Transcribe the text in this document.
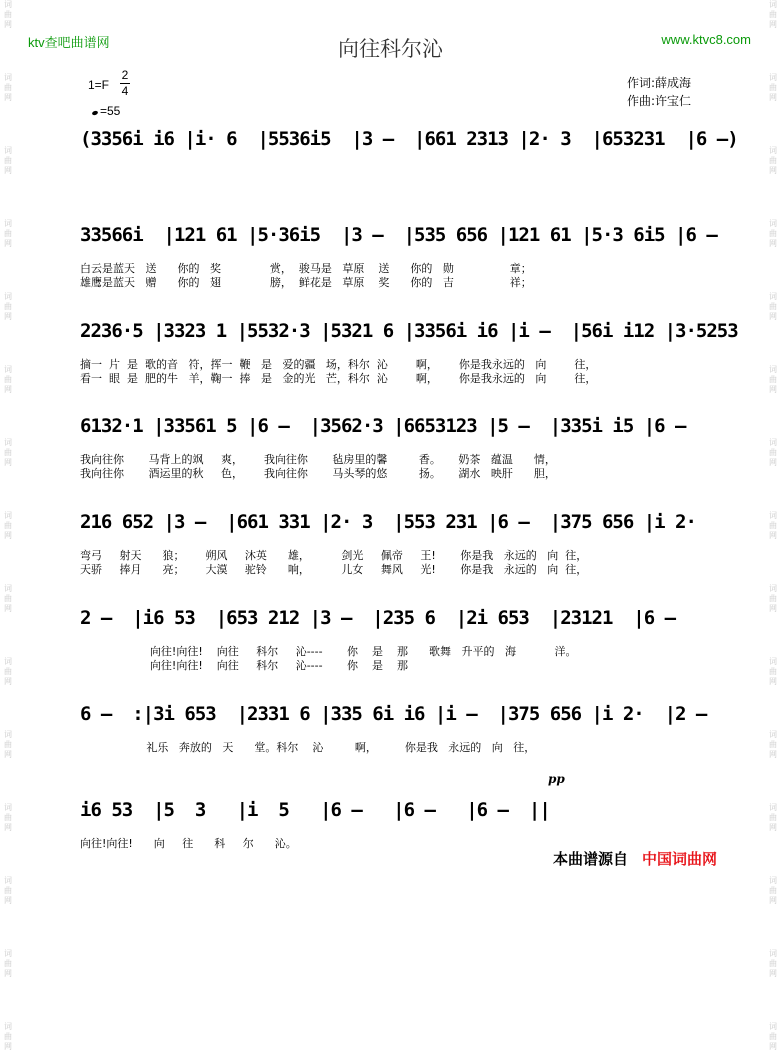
词曲网
词曲网
词曲网
词曲网
词曲网
词曲网
词曲网
词曲网
词曲网
词曲网
词曲网
词曲网
词曲网
词曲网
词曲网
词曲网
词曲网
词曲网
词曲网
词曲网
词曲网
词曲网
词曲网
词曲网
词曲网
词曲网
词曲网
词曲网
词曲网
词曲网
ktv查吧曲谱网	www.ktvc8.com
向往科尔沁
1=F
2
4
=55
作词:薛成海
作曲:许宝仁
(3356i i6 |i· 6  |5536i5  |3 –  |661 2313 |2· 3  |653231  |6 –)
33566i  |121 61 |5·36i5  |3 –  |535 656 |121 61 |5·3 6i5 |6 –
白云是蓝天   送      你的   奖              赏，  骏马是   草原    送      你的   勋                章；
雄鹰是蓝天   赠      你的   翅              膀，  鲜花是   草原    奖      你的   吉                祥；
2236·5 |3323 1 |5532·3 |5321 6 |3356i i6 |i –  |56i i12 |3·5253
摘一  片  是  歌的音   符，挥一  鞭   是   爱的疆   场，科尔  沁        啊，      你是我永远的   向        往，
看一  眼  是  肥的牛   羊，鞠一  捧   是   金的光   芒，科尔  沁        啊，      你是我永远的   向        往，
6132·1 |33561 5 |6 –  |3562·3 |6653123 |5 –  |335i i5 |6 –
我向往你       马背上的飒     爽，      我向往你       毡房里的馨         香。     奶茶   蕴温      情，
我向往你       酒运里的秋     色，      我向往你       马头琴的悠         扬。     湖水   映肝      胆，
216 652 |3 –  |661 331 |2· 3  |553 231 |6 –  |375 656 |i 2·
弯弓     射天      狼；      朔风     沐英      雄，         剑光     佩帝     王!       你是我   永远的   向  往，
天骄     捧月      亮；      大漠     驼铃      响，         儿女     舞风     光!       你是我   永远的   向  往，
2 –  |i6 53  |653 212 |3 –  |235 6  |2i 653  |23121  |6 –
向往!向往!    向往     科尔     沁----       你    是    那      歌舞   升平的   海           洋。
向往!向往!    向往     科尔     沁----       你    是    那
6 –  :|3i 653  |2331 6 |335 6i i6 |i –  |375 656 |i 2·  |2 –
礼乐   奔放的   天      堂。科尔    沁         啊，        你是我   永远的   向   往，
i6 53  |5  3   |i  5   |6 –   |6 –   |6 –  ||
向往!向往!      向     往      科     尔      沁。
pp
本曲谱源自 中国词曲网
